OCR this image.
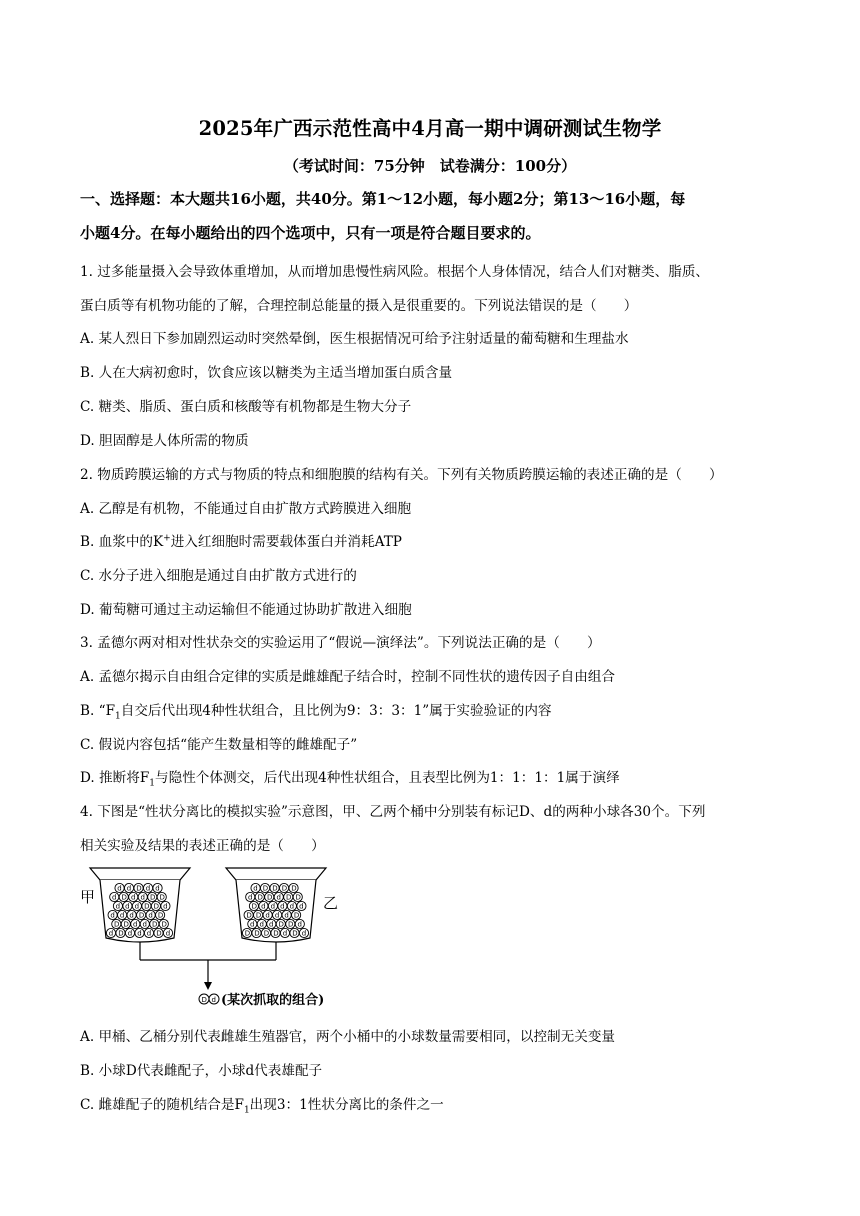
2025年广西示范性高中4月高一期中调研测试生物学
（考试时间：75分钟　试卷满分：100分）
一、选择题：本大题共16小题，共40分。第1～12小题，每小题2分；第13～16小题，每
小题4分。在每小题给出的四个选项中，只有一项是符合题目要求的。
1. 过多能量摄入会导致体重增加，从而增加患慢性病风险。根据个人身体情况，结合人们对糖类、脂质、
蛋白质等有机物功能的了解，合理控制总能量的摄入是很重要的。下列说法错误的是（　　）
A. 某人烈日下参加剧烈运动时突然晕倒，医生根据情况可给予注射适量的葡萄糖和生理盐水
B. 人在大病初愈时，饮食应该以糖类为主适当增加蛋白质含量
C. 糖类、脂质、蛋白质和核酸等有机物都是生物大分子
D. 胆固醇是人体所需的物质
2. 物质跨膜运输的方式与物质的特点和细胞膜的结构有关。下列有关物质跨膜运输的表述正确的是（　　）
A. 乙醇是有机物，不能通过自由扩散方式跨膜进入细胞
B. 血浆中的K+进入红细胞时需要载体蛋白并消耗ATP
C. 水分子进入细胞是通过自由扩散方式进行的
D. 葡萄糖可通过主动运输但不能通过协助扩散进入细胞
3. 孟德尔两对相对性状杂交的实验运用了“假说—演绎法”。下列说法正确的是（　　）
A. 孟德尔揭示自由组合定律的实质是雌雄配子结合时，控制不同性状的遗传因子自由组合
B. “$F_1$自交后代出现4种性状组合，且比例为9：3：3：1”属于实验验证的内容
C. 假说内容包括“能产生数量相等的雌雄配子”
D. 推断将$F_1$与隐性个体测交，后代出现4种性状组合，且表型比例为1：1：1：1属于演绎
4. 下图是“性状分离比的模拟实验”示意图，甲、乙两个桶中分别装有标记D、d的两种小球各30个。下列
相关实验及结果的表述正确的是（　　）
甲	乙
d D d d d D d
D D d d D D
d d d D d D
d d d D D d
d D d d D D
d d D d d
D D D D d D d
d d d D D d
D D d d d D
D d d d d d
d D D d D D
d D D D D
D d (某次抓取的组合)
A. 甲桶、乙桶分别代表雌雄生殖器官，两个小桶中的小球数量需要相同，以控制无关变量
B. 小球D代表雌配子，小球d代表雄配子
C. 雌雄配子的随机结合是$F_1$出现3：1性状分离比的条件之一
